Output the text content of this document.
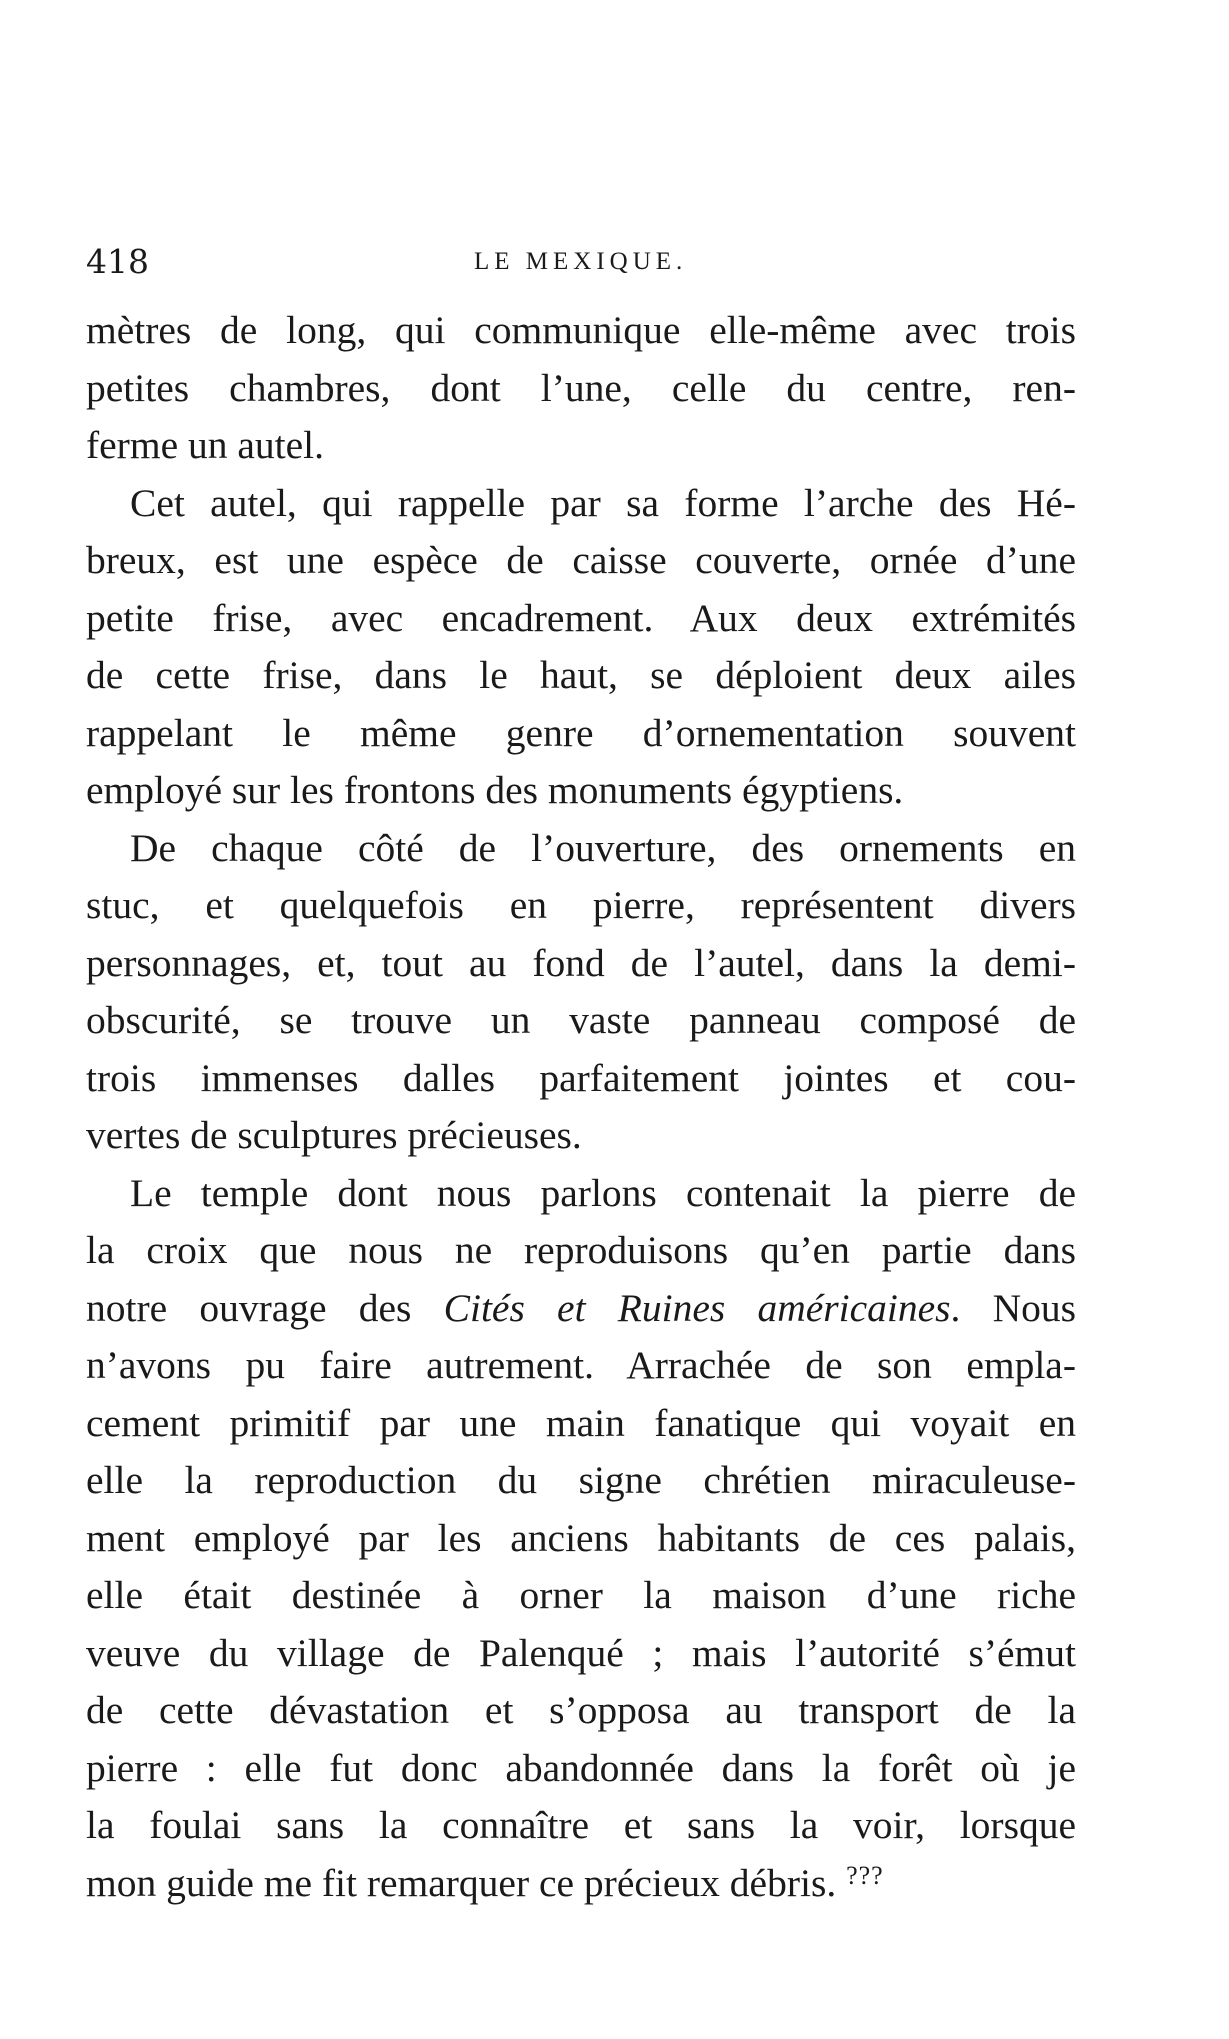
418	LE MEXIQUE.
mètres de long, qui communique elle-même avec trois
petites chambres, dont l’une, celle du centre, ren-
ferme un autel.
Cet autel, qui rappelle par sa forme l’arche des Hé-
breux, est une espèce de caisse couverte, ornée d’une
petite frise, avec encadrement. Aux deux extrémités
de cette frise, dans le haut, se déploient deux ailes
rappelant le même genre d’ornementation souvent
employé sur les frontons des monuments égyptiens.
De chaque côté de l’ouverture, des ornements en
stuc, et quelquefois en pierre, représentent divers
personnages, et, tout au fond de l’autel, dans la demi-
obscurité, se trouve un vaste panneau composé de
trois immenses dalles parfaitement jointes et cou-
vertes de sculptures précieuses.
Le temple dont nous parlons contenait la pierre de
la croix que nous ne reproduisons qu’en partie dans
notre ouvrage des Cités et Ruines américaines. Nous
n’avons pu faire autrement. Arrachée de son empla-
cement primitif par une main fanatique qui voyait en
elle la reproduction du signe chrétien miraculeuse-
ment employé par les anciens habitants de ces palais,
elle était destinée à orner la maison d’une riche
veuve du village de Palenqué ; mais l’autorité s’émut
de cette dévastation et s’opposa au transport de la
pierre : elle fut donc abandonnée dans la forêt où je
la foulai sans la connaître et sans la voir, lorsque
mon guide me fit remarquer ce précieux débris. ???
